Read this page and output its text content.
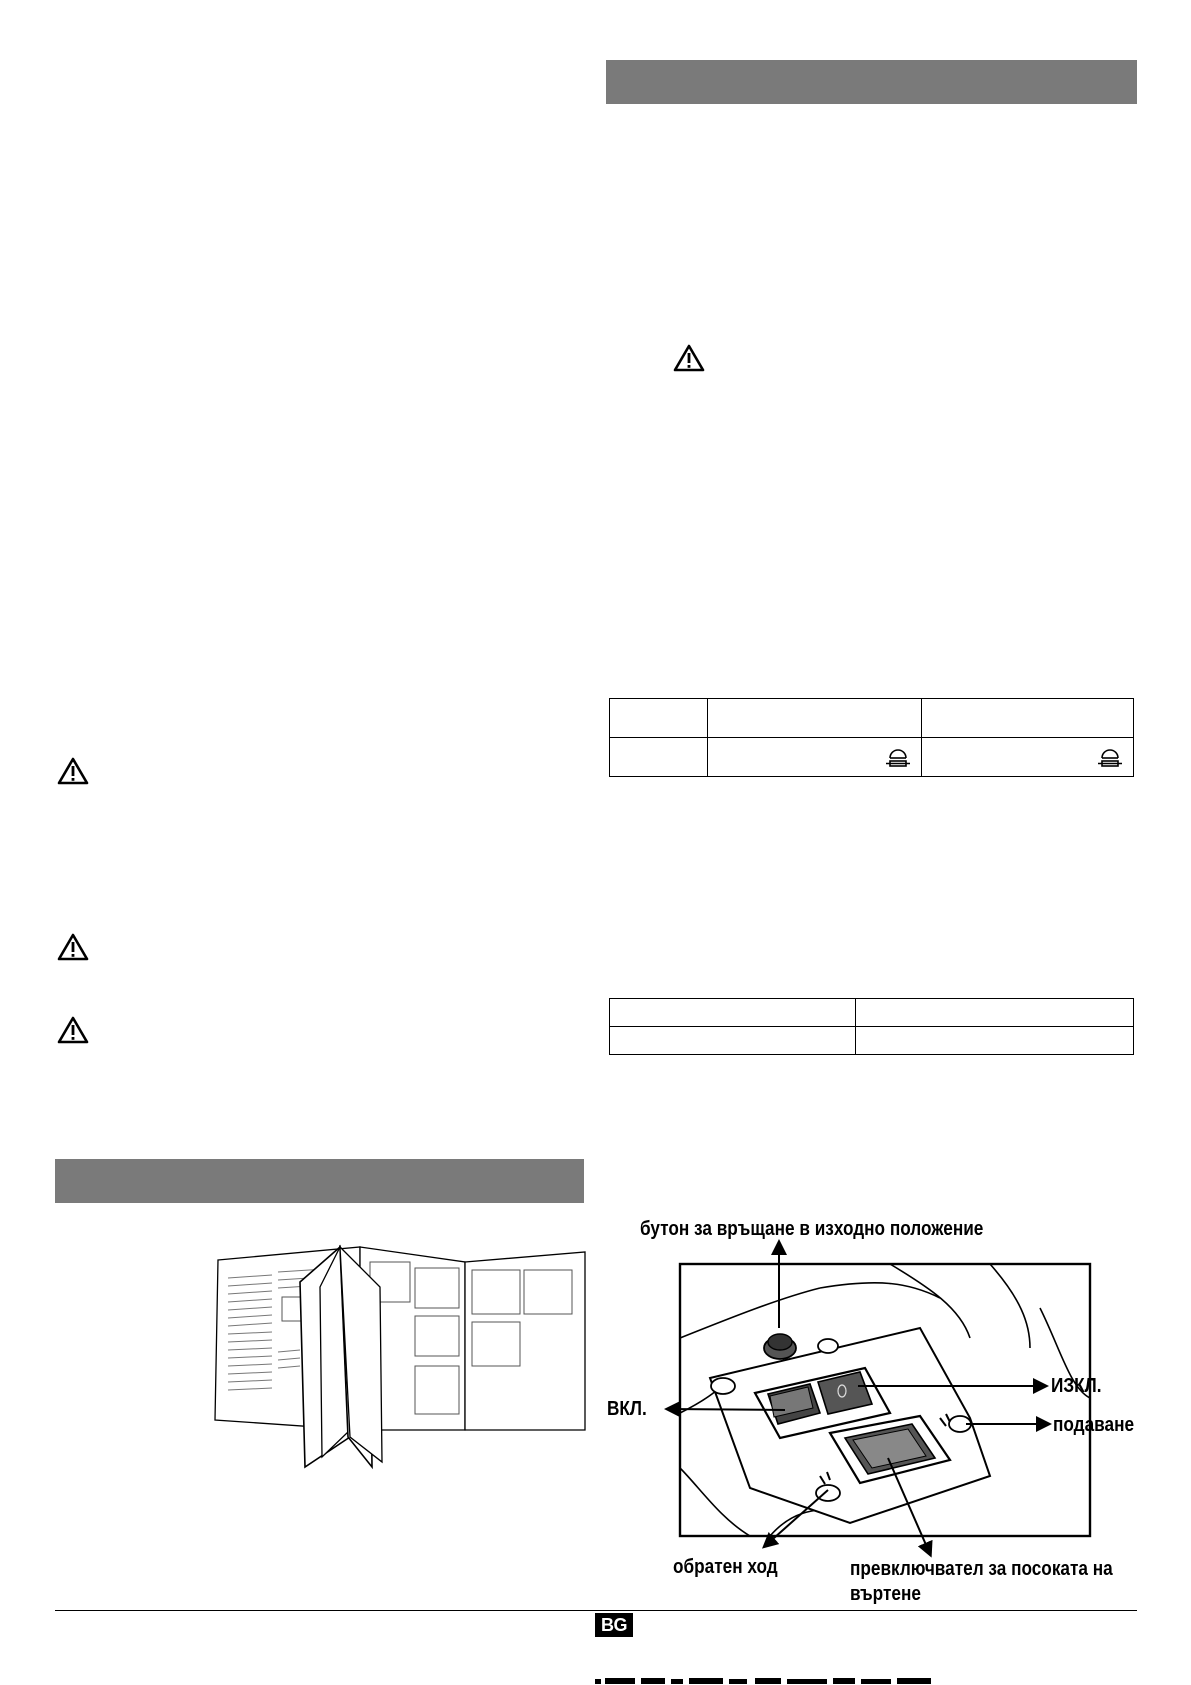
бутон за връщане в изходно положение
ВКЛ.
ИЗКЛ.
подаване
обратен ход	превключвател за посоката на
въртене
BG
